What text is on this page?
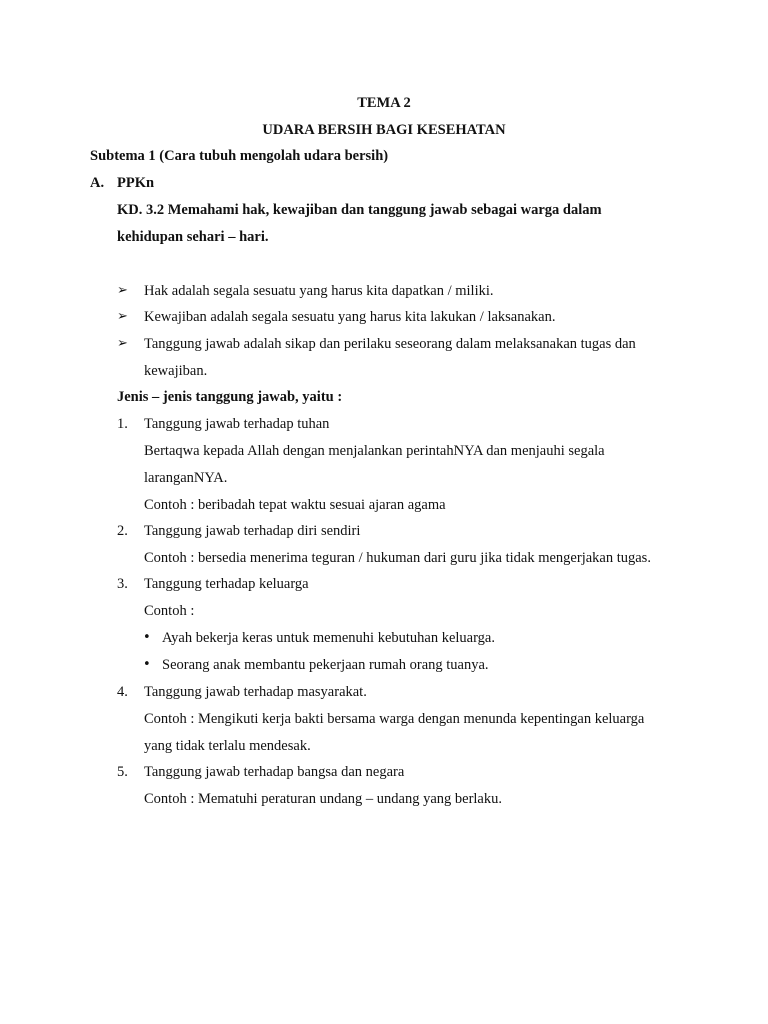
TEMA 2
UDARA BERSIH BAGI KESEHATAN
Subtema 1 (Cara tubuh mengolah udara bersih)
A. PPKn
KD. 3.2 Memahami hak, kewajiban dan tanggung jawab sebagai warga dalam
kehidupan sehari – hari.
➢ Hak adalah segala sesuatu yang harus kita dapatkan / miliki.
➢ Kewajiban adalah segala sesuatu yang harus kita lakukan / laksanakan.
➢ Tanggung jawab adalah sikap dan perilaku seseorang dalam melaksanakan tugas dan
kewajiban.
Jenis – jenis tanggung jawab, yaitu :
1. Tanggung jawab terhadap tuhan
Bertaqwa kepada Allah dengan menjalankan perintahNYA dan menjauhi segala
laranganNYA.
Contoh : beribadah tepat waktu sesuai ajaran agama
2. Tanggung jawab terhadap diri sendiri
Contoh : bersedia menerima teguran / hukuman dari guru jika tidak mengerjakan tugas.
3. Tanggung terhadap keluarga
Contoh :
• Ayah bekerja keras untuk memenuhi kebutuhan keluarga.
• Seorang anak membantu pekerjaan rumah orang tuanya.
4. Tanggung jawab terhadap masyarakat.
Contoh : Mengikuti kerja bakti bersama warga dengan menunda kepentingan keluarga
yang tidak terlalu mendesak.
5. Tanggung jawab terhadap bangsa dan negara
Contoh : Mematuhi peraturan undang – undang yang berlaku.
